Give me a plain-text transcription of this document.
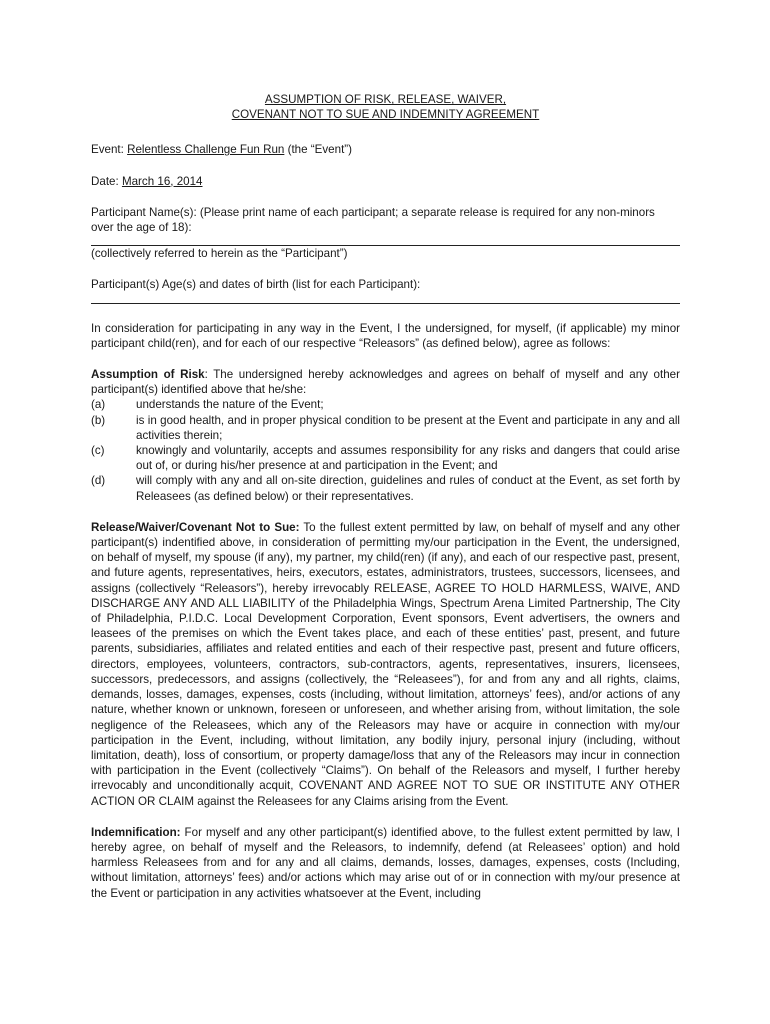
ASSUMPTION OF RISK, RELEASE, WAIVER,
COVENANT NOT TO SUE AND INDEMNITY AGREEMENT

Event: Relentless Challenge Fun Run (the “Event”)

Date: March 16, 2014

Participant Name(s): (Please print name of each participant; a separate release is required for any non-minors over the age of 18):

(collectively referred to herein as the “Participant”)

Participant(s) Age(s) and dates of birth (list for each Participant):

In consideration for participating in any way in the Event, I the undersigned, for myself, (if applicable) my minor participant child(ren), and for each of our respective “Releasors” (as defined below), agree as follows:

Assumption of Risk: The undersigned hereby acknowledges and agrees on behalf of myself and any other participant(s) identified above that he/she:

(a)	understands the nature of the Event;
(b)	is in good health, and in proper physical condition to be present at the Event and participate in any and all activities therein;
(c)	knowingly and voluntarily, accepts and assumes responsibility for any risks and dangers that could arise out of, or during his/her presence at and participation in the Event; and
(d)	will comply with any and all on-site direction, guidelines and rules of conduct at the Event, as set forth by Releasees (as defined below) or their representatives.

Release/Waiver/Covenant Not to Sue: To the fullest extent permitted by law, on behalf of myself and any other participant(s) indentified above, in consideration of permitting my/our participation in the Event, the undersigned, on behalf of myself, my spouse (if any), my partner, my child(ren) (if any), and each of our respective past, present, and future agents, representatives, heirs, executors, estates, administrators, trustees, successors, licensees, and assigns (collectively “Releasors”), hereby irrevocably RELEASE, AGREE TO HOLD HARMLESS, WAIVE, AND DISCHARGE ANY AND ALL LIABILITY of the Philadelphia Wings, Spectrum Arena Limited Partnership, The City of Philadelphia, P.I.D.C. Local Development Corporation, Event sponsors, Event advertisers, the owners and leasees of the premises on which the Event takes place, and each of these entities’ past, present, and future parents, subsidiaries, affiliates and related entities and each of their respective past, present and future officers, directors, employees, volunteers, contractors, sub-contractors, agents, representatives, insurers, licensees, successors, predecessors, and assigns (collectively, the “Releasees”), for and from any and all rights, claims, demands, losses, damages, expenses, costs (including, without limitation, attorneys’ fees), and/or actions of any nature, whether known or unknown, foreseen or unforeseen, and whether arising from, without limitation, the sole negligence of the Releasees, which any of the Releasors may have or acquire in connection with my/our participation in the Event, including, without limitation, any bodily injury, personal injury (including, without limitation, death), loss of consortium, or property damage/loss that any of the Releasors may incur in connection with participation in the Event (collectively “Claims”). On behalf of the Releasors and myself, I further hereby irrevocably and unconditionally acquit, COVENANT AND AGREE NOT TO SUE OR INSTITUTE ANY OTHER ACTION OR CLAIM against the Releasees for any Claims arising from the Event.

Indemnification: For myself and any other participant(s) identified above, to the fullest extent permitted by law, I hereby agree, on behalf of myself and the Releasors, to indemnify, defend (at Releasees’ option) and hold harmless Releasees from and for any and all claims, demands, losses, damages, expenses, costs (Including, without limitation, attorneys’ fees) and/or actions which may arise out of or in connection with my/our presence at the Event or participation in any activities whatsoever at the Event, including
